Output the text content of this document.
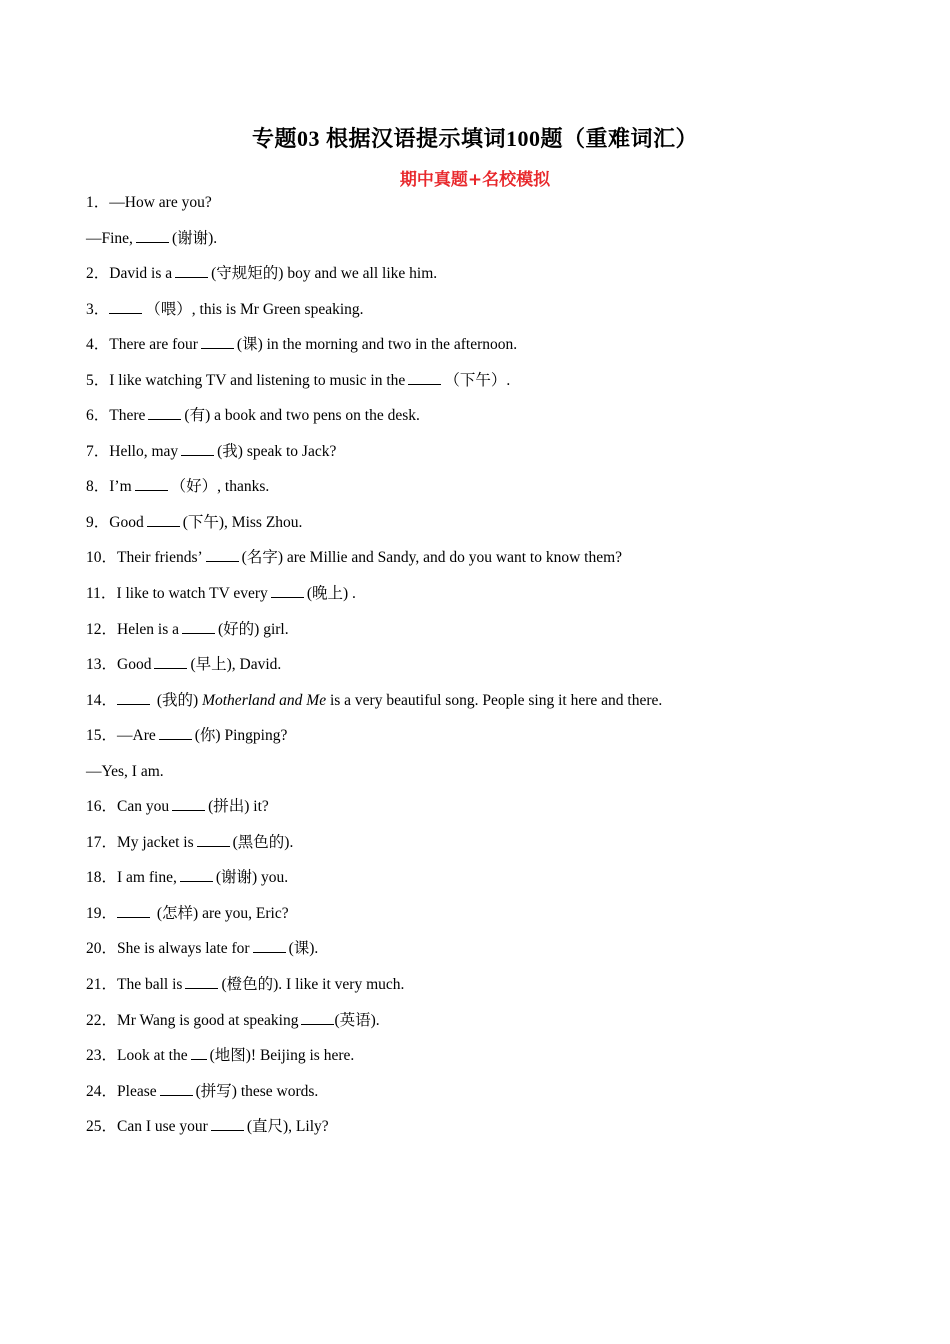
专题03 根据汉语提示填词100题（重难词汇）
期中真题+名校模拟
1．—How are you?
—Fine,	(谢谢).
2．David is a	(守规矩的) boy and we all like him.
3． （喂）, this is Mr Green speaking.
4．There are four	(课) in the morning and two in the afternoon.
5．I like watching TV and listening to music in the	（下午）.
6．There	(有) a book and two pens on the desk.
7．Hello, may	(我) speak to Jack?
8．I’m	（好）, thanks.
9．Good	(下午), Miss Zhou.
10．Their friends’	(名字) are Millie and Sandy, and do you want to know them?
11．I like to watch TV every	(晚上) .
12．Helen is a	(好的) girl.
13．Good	(早上), David.
14．	(我的) Motherland and Me is a very beautiful song. People sing it here and there.
15．—Are	(你) Pingping?
—Yes, I am.
16．Can you	(拼出) it?
17．My jacket is	(黑色的).
18．I am fine,	(谢谢) you.
19．	(怎样) are you, Eric?
20．She is always late for	(课).
21．The ball is	(橙色的). I like it very much.
22．Mr Wang is good at speaking (英语).
23．Look at the (地图)! Beijing is here.
24．Please	(拼写) these words.
25．Can I use your	(直尺), Lily?
